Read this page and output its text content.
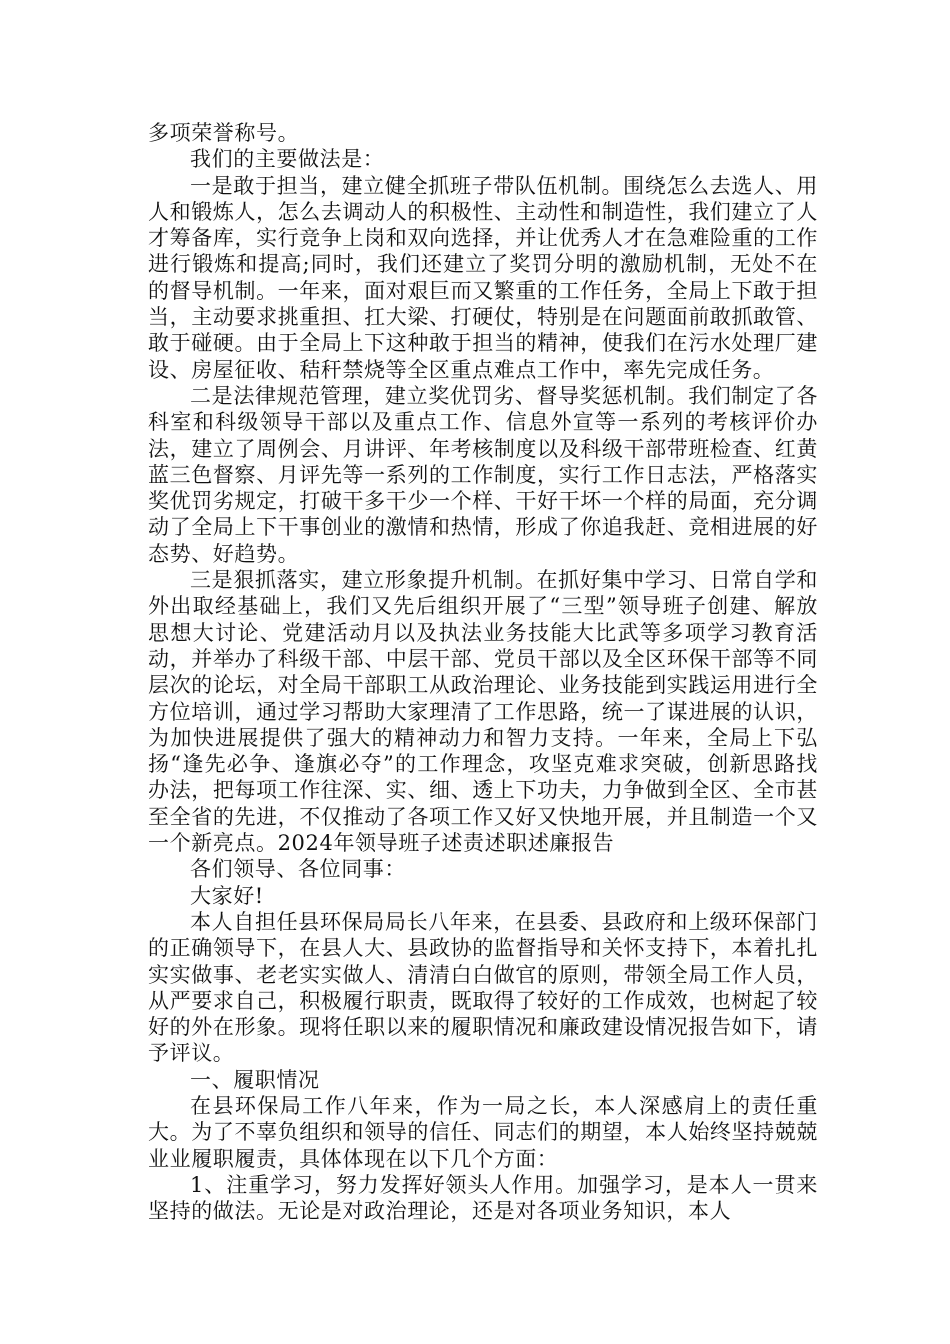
多项荣誉称号。

我们的主要做法是：

一是敢于担当，建立健全抓班子带队伍机制。围绕怎么去选人、用人和锻炼人，怎么去调动人的积极性、主动性和制造性，我们建立了人才筹备库，实行竞争上岗和双向选择，并让优秀人才在急难险重的工作进行锻炼和提高;同时，我们还建立了奖罚分明的激励机制，无处不在的督导机制。一年来，面对艰巨而又繁重的工作任务，全局上下敢于担当，主动要求挑重担、扛大梁、打硬仗，特别是在问题面前敢抓敢管、敢于碰硬。由于全局上下这种敢于担当的精神，使我们在污水处理厂建设、房屋征收、秸秆禁烧等全区重点难点工作中，率先完成任务。

二是法律规范管理，建立奖优罚劣、督导奖惩机制。我们制定了各科室和科级领导干部以及重点工作、信息外宣等一系列的考核评价办法，建立了周例会、月讲评、年考核制度以及科级干部带班检查、红黄蓝三色督察、月评先等一系列的工作制度，实行工作日志法，严格落实奖优罚劣规定，打破干多干少一个样、干好干坏一个样的局面，充分调动了全局上下干事创业的激情和热情，形成了你追我赶、竞相进展的好态势、好趋势。

三是狠抓落实，建立形象提升机制。在抓好集中学习、日常自学和外出取经基础上，我们又先后组织开展了“三型”领导班子创建、解放思想大讨论、党建活动月以及执法业务技能大比武等多项学习教育活动，并举办了科级干部、中层干部、党员干部以及全区环保干部等不同层次的论坛，对全局干部职工从政治理论、业务技能到实践运用进行全方位培训，通过学习帮助大家理清了工作思路，统一了谋进展的认识，为加快进展提供了强大的精神动力和智力支持。一年来，全局上下弘扬“逢先必争、逢旗必夺”的工作理念，攻坚克难求突破，创新思路找办法，把每项工作往深、实、细、透上下功夫，力争做到全区、全市甚至全省的先进，不仅推动了各项工作又好又快地开展，并且制造一个又一个新亮点。2024年领导班子述责述职述廉报告

各们领导、各位同事：

大家好!

本人自担任县环保局局长八年来，在县委、县政府和上级环保部门的正确领导下，在县人大、县政协的监督指导和关怀支持下，本着扎扎实实做事、老老实实做人、清清白白做官的原则，带领全局工作人员，从严要求自己，积极履行职责，既取得了较好的工作成效，也树起了较好的外在形象。现将任职以来的履职情况和廉政建设情况报告如下，请予评议。

一、履职情况

在县环保局工作八年来，作为一局之长，本人深感肩上的责任重大。为了不辜负组织和领导的信任、同志们的期望，本人始终坚持兢兢业业履职履责，具体体现在以下几个方面：

1、注重学习，努力发挥好领头人作用。加强学习，是本人一贯来坚持的做法。无论是对政治理论，还是对各项业务知识，本人
